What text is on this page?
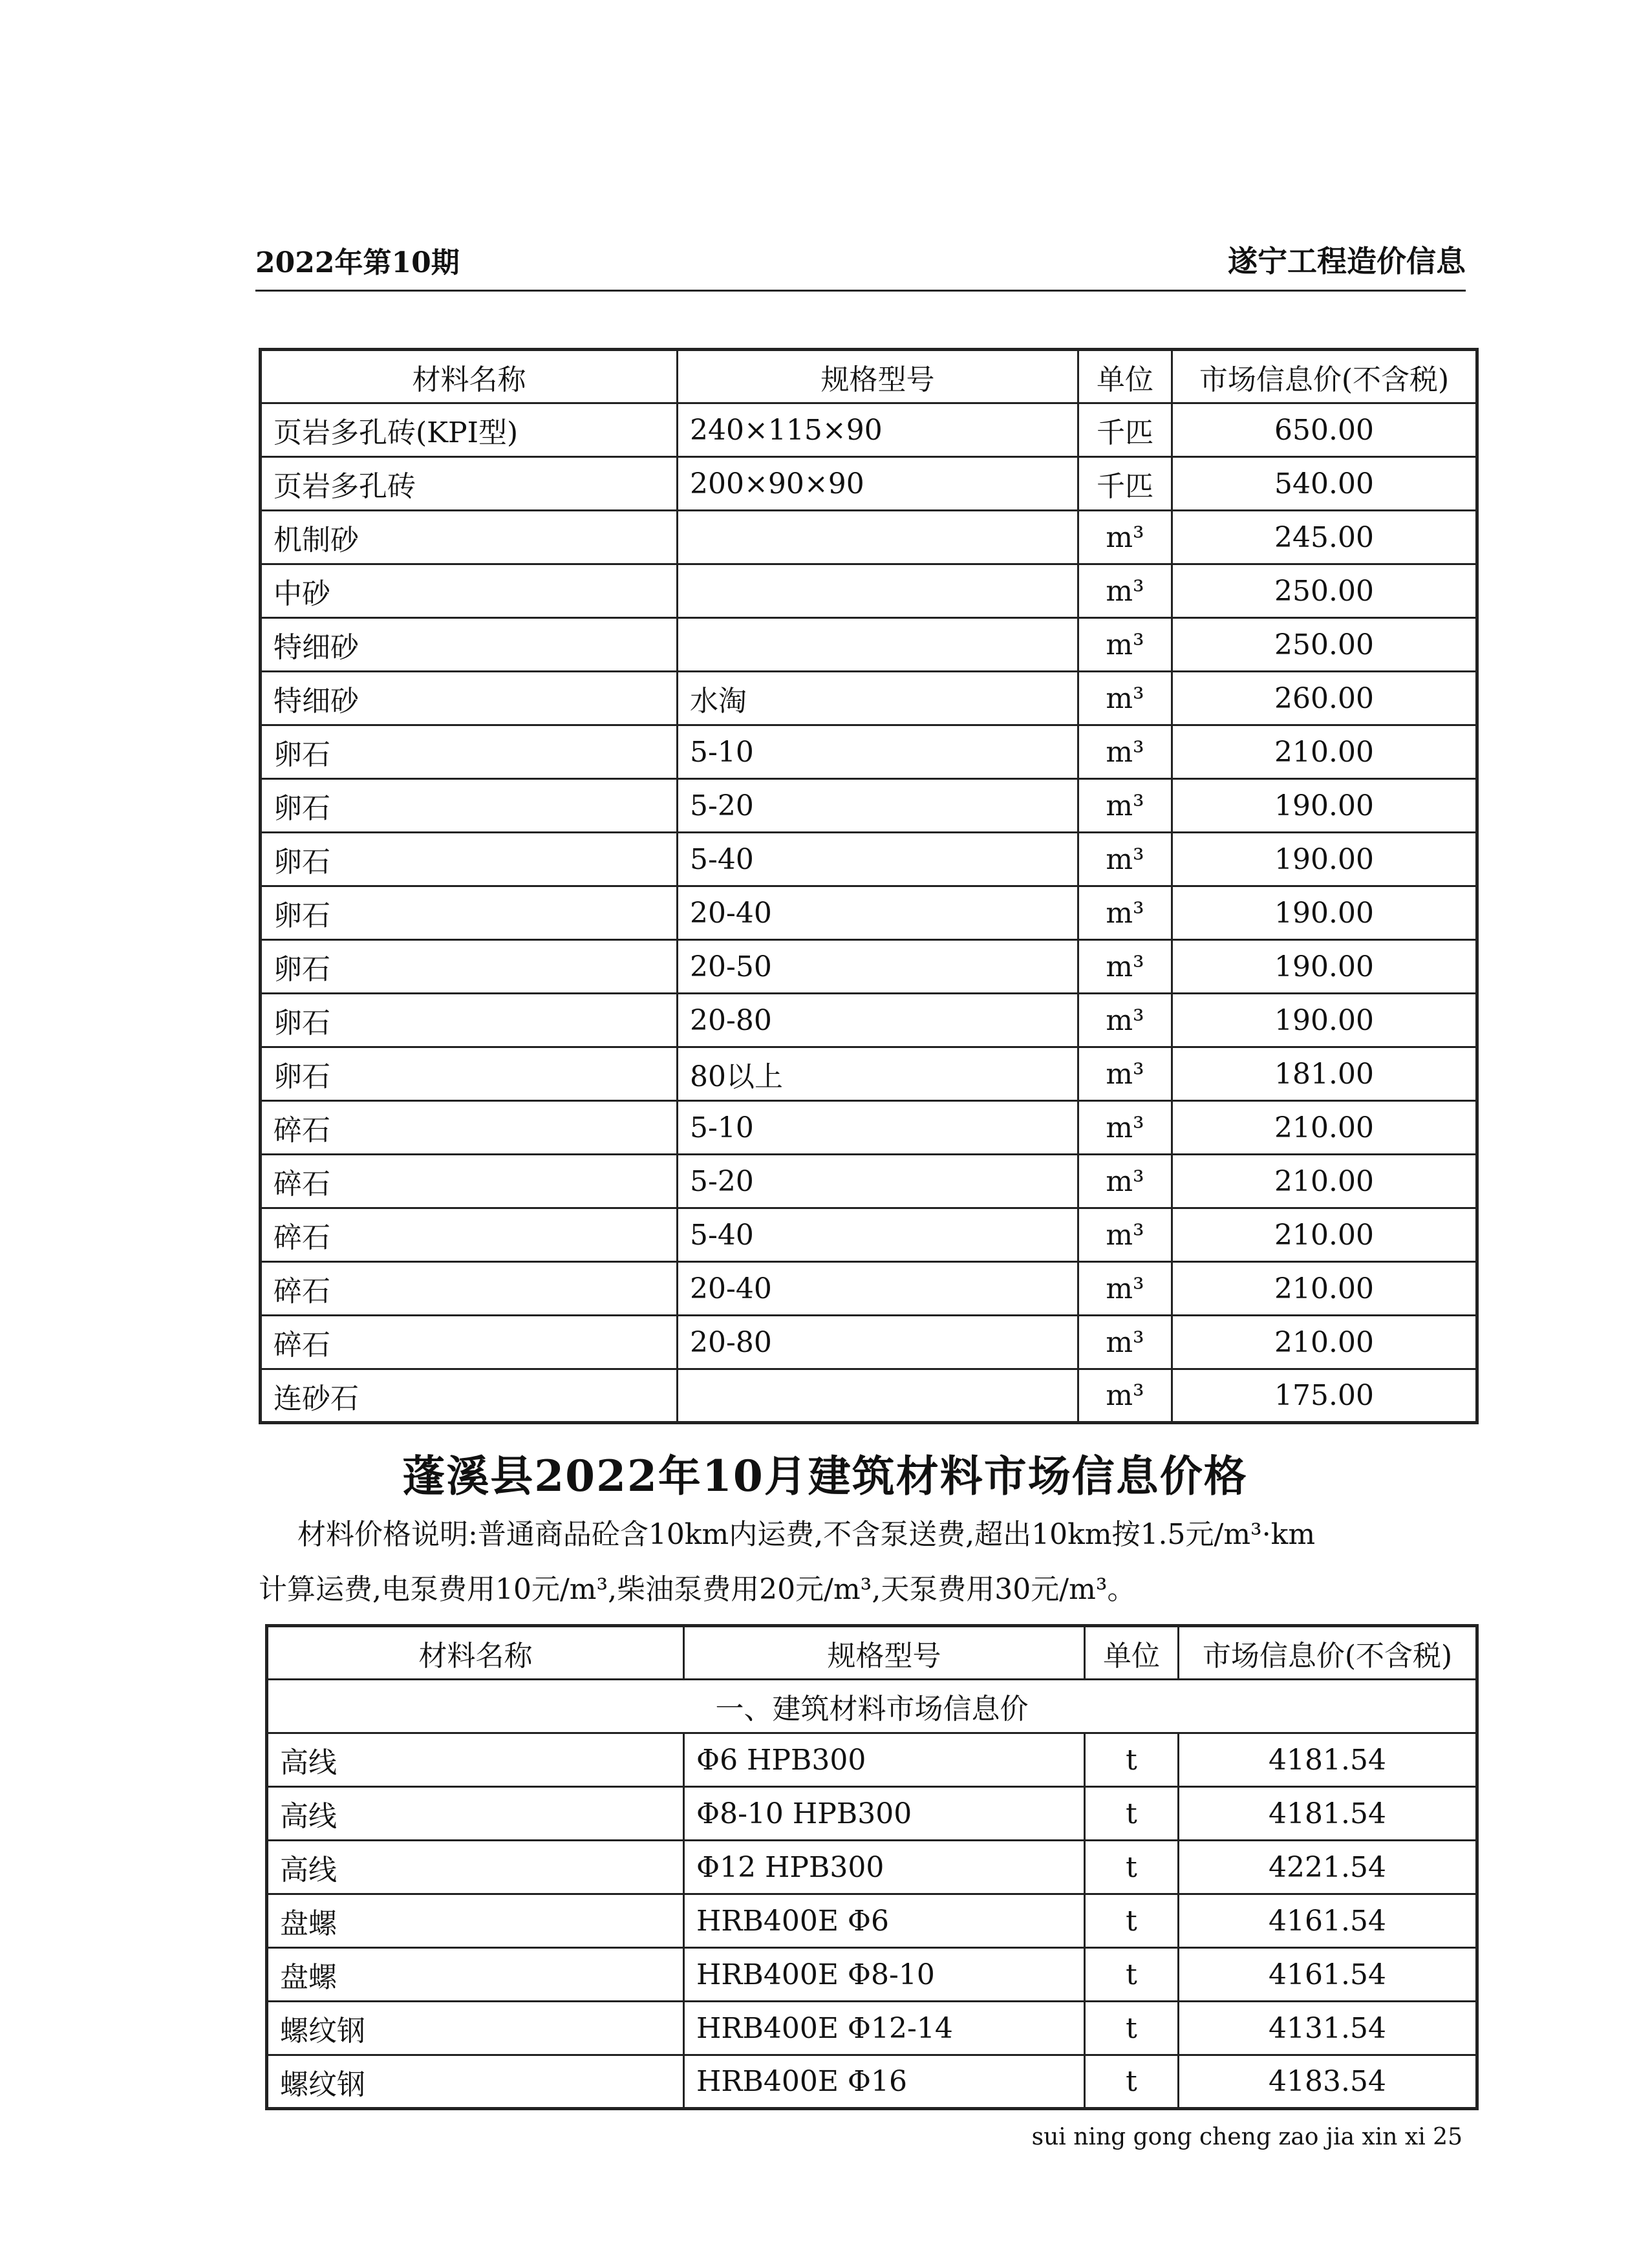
2022年第10期	遂宁工程造价信息
材料名称	规格型号	单位	市场信息价(不含税)
页岩多孔砖(KPI型)	240×115×90	千匹	650.00
页岩多孔砖	200×90×90	千匹	540.00
机制砂		m³	245.00
中砂		m³	250.00
特细砂		m³	250.00
特细砂	水淘	m³	260.00
卵石	5-10	m³	210.00
卵石	5-20	m³	190.00
卵石	5-40	m³	190.00
卵石	20-40	m³	190.00
卵石	20-50	m³	190.00
卵石	20-80	m³	190.00
卵石	80以上	m³	181.00
碎石	5-10	m³	210.00
碎石	5-20	m³	210.00
碎石	5-40	m³	210.00
碎石	20-40	m³	210.00
碎石	20-80	m³	210.00
连砂石		m³	175.00
蓬溪县2022年10月建筑材料市场信息价格
材料价格说明:普通商品砼含10km内运费,不含泵送费,超出10km按1.5元/m³·km
计算运费,电泵费用10元/m³,柴油泵费用20元/m³,天泵费用30元/m³。
材料名称	规格型号	单位	市场信息价(不含税)
一、建筑材料市场信息价			
高线	Φ6 HPB300	t	4181.54
高线	Φ8-10 HPB300	t	4181.54
高线	Φ12 HPB300	t	4221.54
盘螺	HRB400E Φ6	t	4161.54
盘螺	HRB400E Φ8-10	t	4161.54
螺纹钢	HRB400E Φ12-14	t	4131.54
螺纹钢	HRB400E Φ16	t	4183.54
sui ning gong cheng zao jia xin xi 25
